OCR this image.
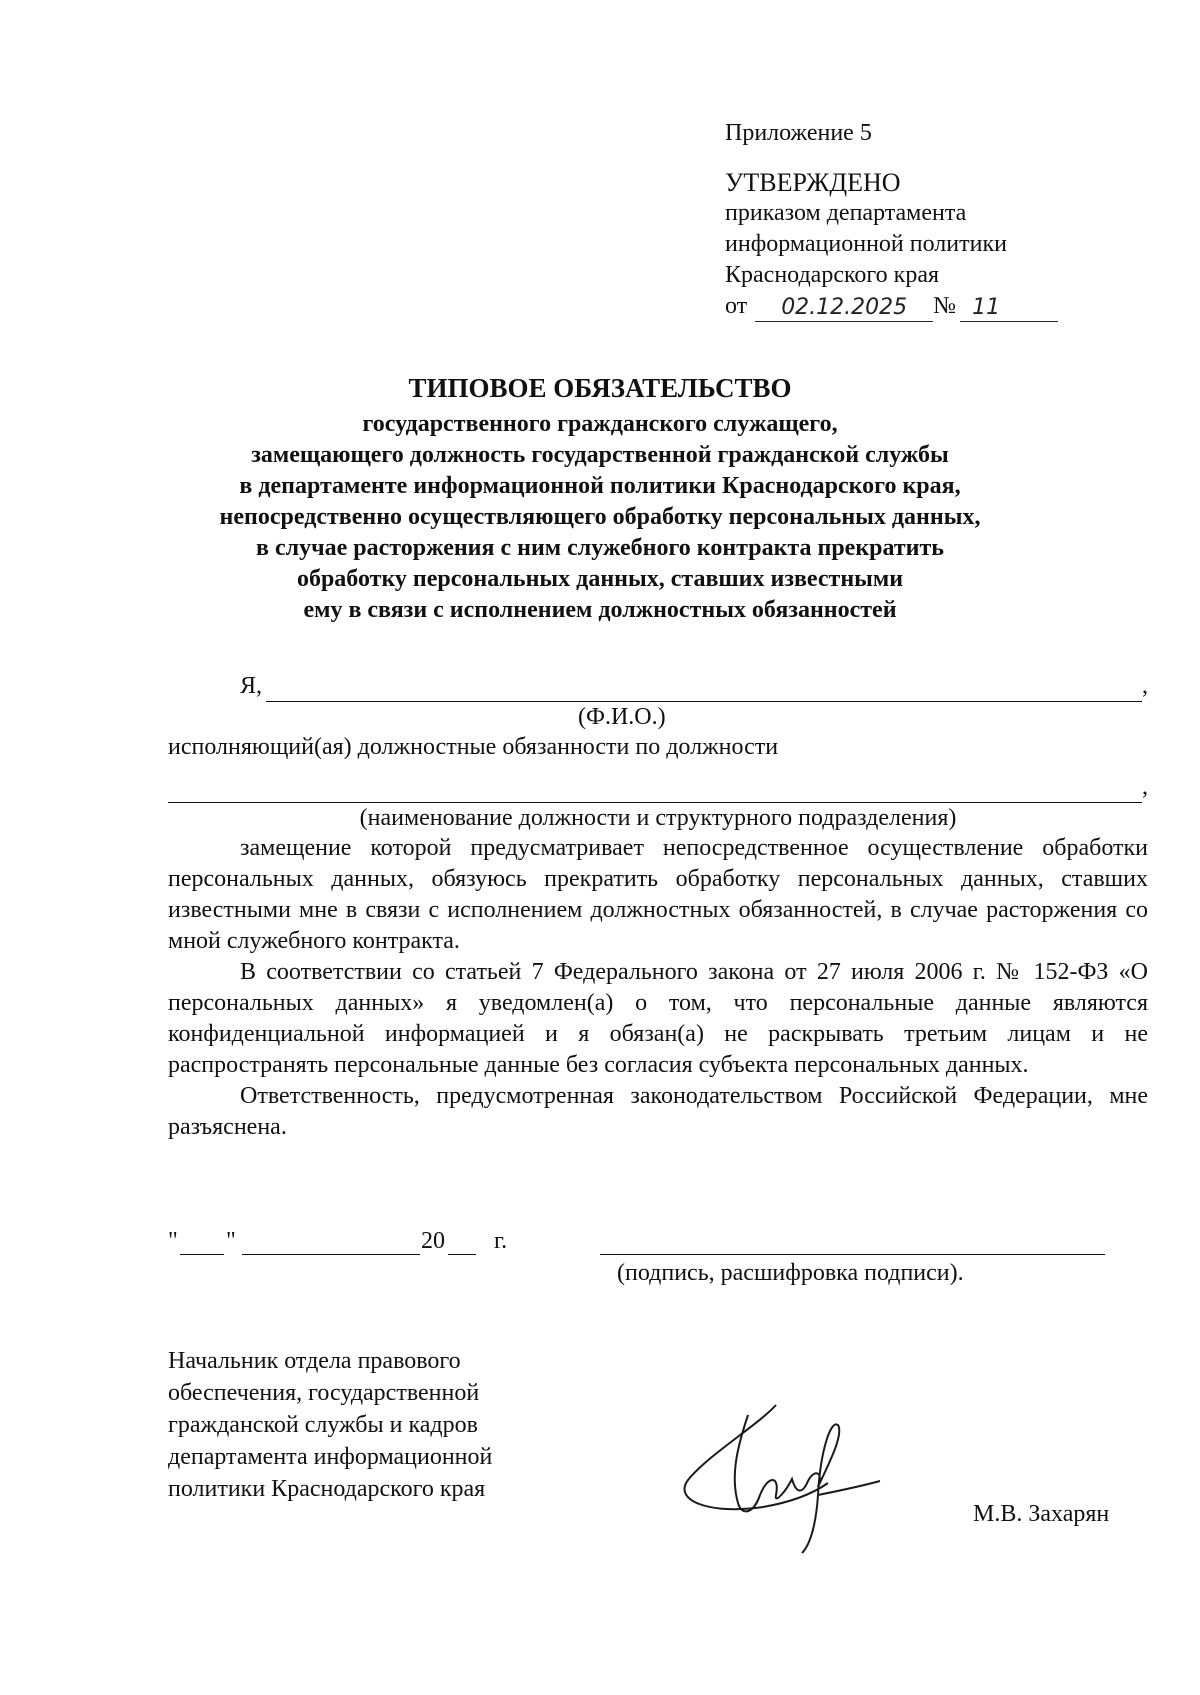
Приложение 5
УТВЕРЖДЕНО
приказом департамента
информационной политики
Краснодарского края
от	02.12.2025	№ 11
ТИПОВОЕ ОБЯЗАТЕЛЬСТВО
государственного гражданского служащего,
замещающего должность государственной гражданской службы
в департаменте информационной политики Краснодарского края,
непосредственно осуществляющего обработку персональных данных,
в случае расторжения с ним служебного контракта прекратить
обработку персональных данных, ставших известными
ему в связи с исполнением должностных обязанностей
Я,	,
(Ф.И.О.)
исполняющий(ая) должностные обязанности по должности
,
(наименование должности и структурного подразделения)

замещение которой предусматривает непосредственное осуществление обработки персональных данных, обязуюсь прекратить обработку персональных данных, ставших известными мне в связи с исполнением должностных обязанностей, в случае расторжения со мной служебного контракта.

В соответствии со статьей 7 Федерального закона от 27 июля 2006 г. № 152-ФЗ «О персональных данных» я уведомлен(а) о том, что персональные данные являются конфиденциальной информацией и я обязан(а) не раскрывать третьим лицам и не распространять персональные данные без согласия субъекта персональных данных.

Ответственность, предусмотренная законодательством Российской Федерации, мне разъяснена.

" "	20 г.
(подпись, расшифровка подписи).
Начальник отдела правового
обеспечения, государственной
гражданской службы и кадров
департамента информационной
политики Краснодарского края
М.В. Захарян
